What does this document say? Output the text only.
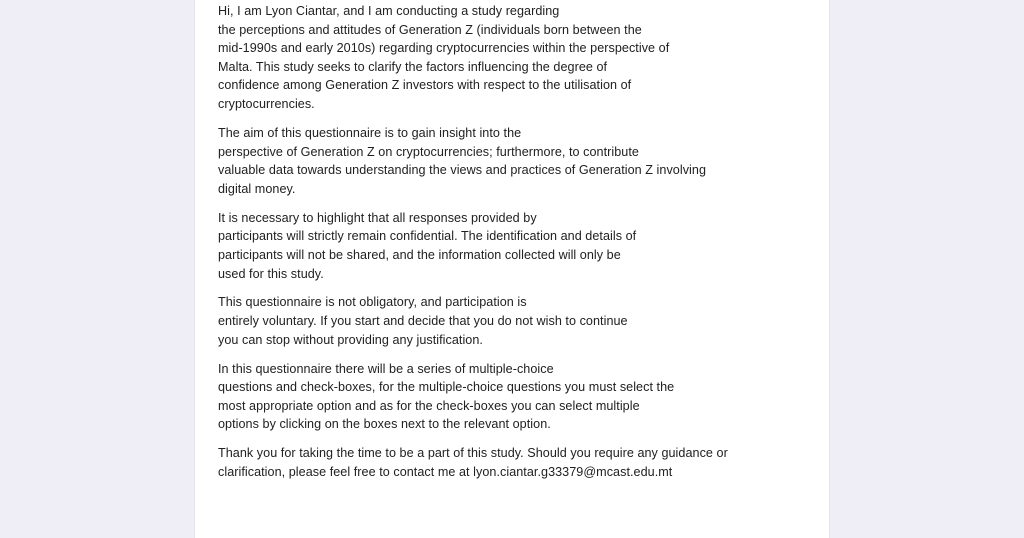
Hi, I am Lyon Ciantar, and I am conducting a study regarding
the perceptions and attitudes of Generation Z (individuals born between the
mid-1990s and early 2010s) regarding cryptocurrencies within the perspective of
Malta. This study seeks to clarify the factors influencing the degree of
confidence among Generation Z investors with respect to the utilisation of
cryptocurrencies.

The aim of this questionnaire is to gain insight into the
perspective of Generation Z on cryptocurrencies; furthermore, to contribute
valuable data towards understanding the views and practices of Generation Z involving
digital money.

It is necessary to highlight that all responses provided by
participants will strictly remain confidential. The identification and details of
participants will not be shared, and the information collected will only be
used for this study.

This questionnaire is not obligatory, and participation is
entirely voluntary. If you start and decide that you do not wish to continue
you can stop without providing any justification.

In this questionnaire there will be a series of multiple-choice
questions and check-boxes, for the multiple-choice questions you must select the
most appropriate option and as for the check-boxes you can select multiple
options by clicking on the boxes next to the relevant option.

Thank you for taking the time to be a part of this study. Should you require any guidance or
clarification, please feel free to contact me at lyon.ciantar.g33379@mcast.edu.mt
